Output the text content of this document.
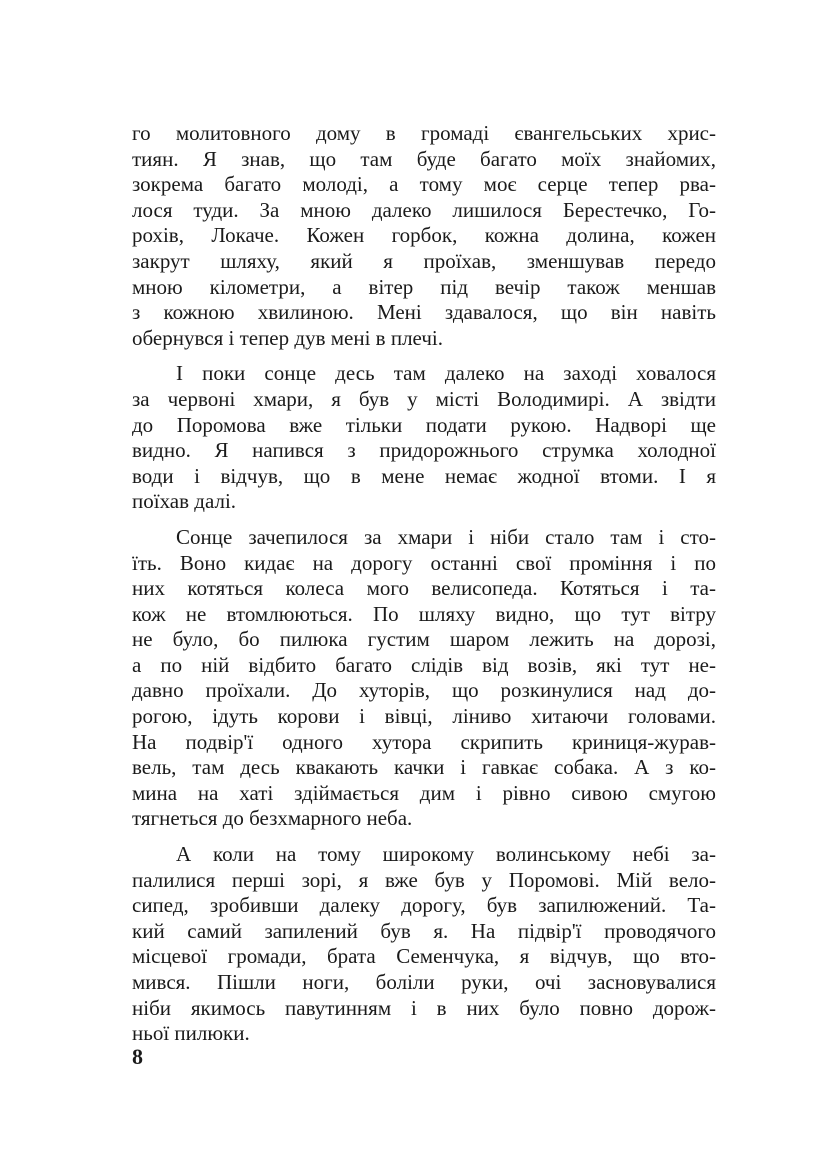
го молитовного дому в громаді євангельських хрис-
тиян. Я знав, що там буде багато моїх знайомих,
зокрема багато молоді, а тому моє серце тепер рва-
лося туди. За мною далеко лишилося Берестечко, Го-
рохів, Локаче. Кожен горбок, кожна долина, кожен
закрут шляху, який я проїхав, зменшував передо
мною кілометри, а вітер під вечір також меншав
з кожною хвилиною. Мені здавалося, що він навіть
обернувся і тепер дув мені в плечі.
І поки сонце десь там далеко на заході ховалося
за червоні хмари, я був у місті Володимирі. А звідти
до Поромова вже тільки подати рукою. Надворі ще
видно. Я напився з придорожнього струмка холодної
води і відчув, що в мене немає жодної втоми. І я
поїхав далі.
Сонце зачепилося за хмари і ніби стало там і сто-
їть. Воно кидає на дорогу останні свої проміння і по
них котяться колеса мого велисопеда. Котяться і та-
кож не втомлюються. По шляху видно, що тут вітру
не було, бо пилюка густим шаром лежить на дорозі,
а по ній відбито багато слідів від возів, які тут не-
давно проїхали. До хуторів, що розкинулися над до-
рогою, ідуть корови і вівці, ліниво хитаючи головами.
На подвір'ї одного хутора скрипить криниця-журав-
вель, там десь квакають качки і гавкає собака. А з ко-
мина на хаті здіймається дим і рівно сивою смугою
тягнеться до безхмарного неба.
А коли на тому широкому волинському небі за-
палилися перші зорі, я вже був у Поромові. Мій вело-
сипед, зробивши далеку дорогу, був запилюжений. Та-
кий самий запилений був я. На підвір'ї проводячого
місцевої громади, брата Семенчука, я відчув, що вто-
мився. Пішли ноги, боліли руки, очі засновувалися
ніби якимось павутинням і в них було повно дорож-
ньої пилюки.
8
